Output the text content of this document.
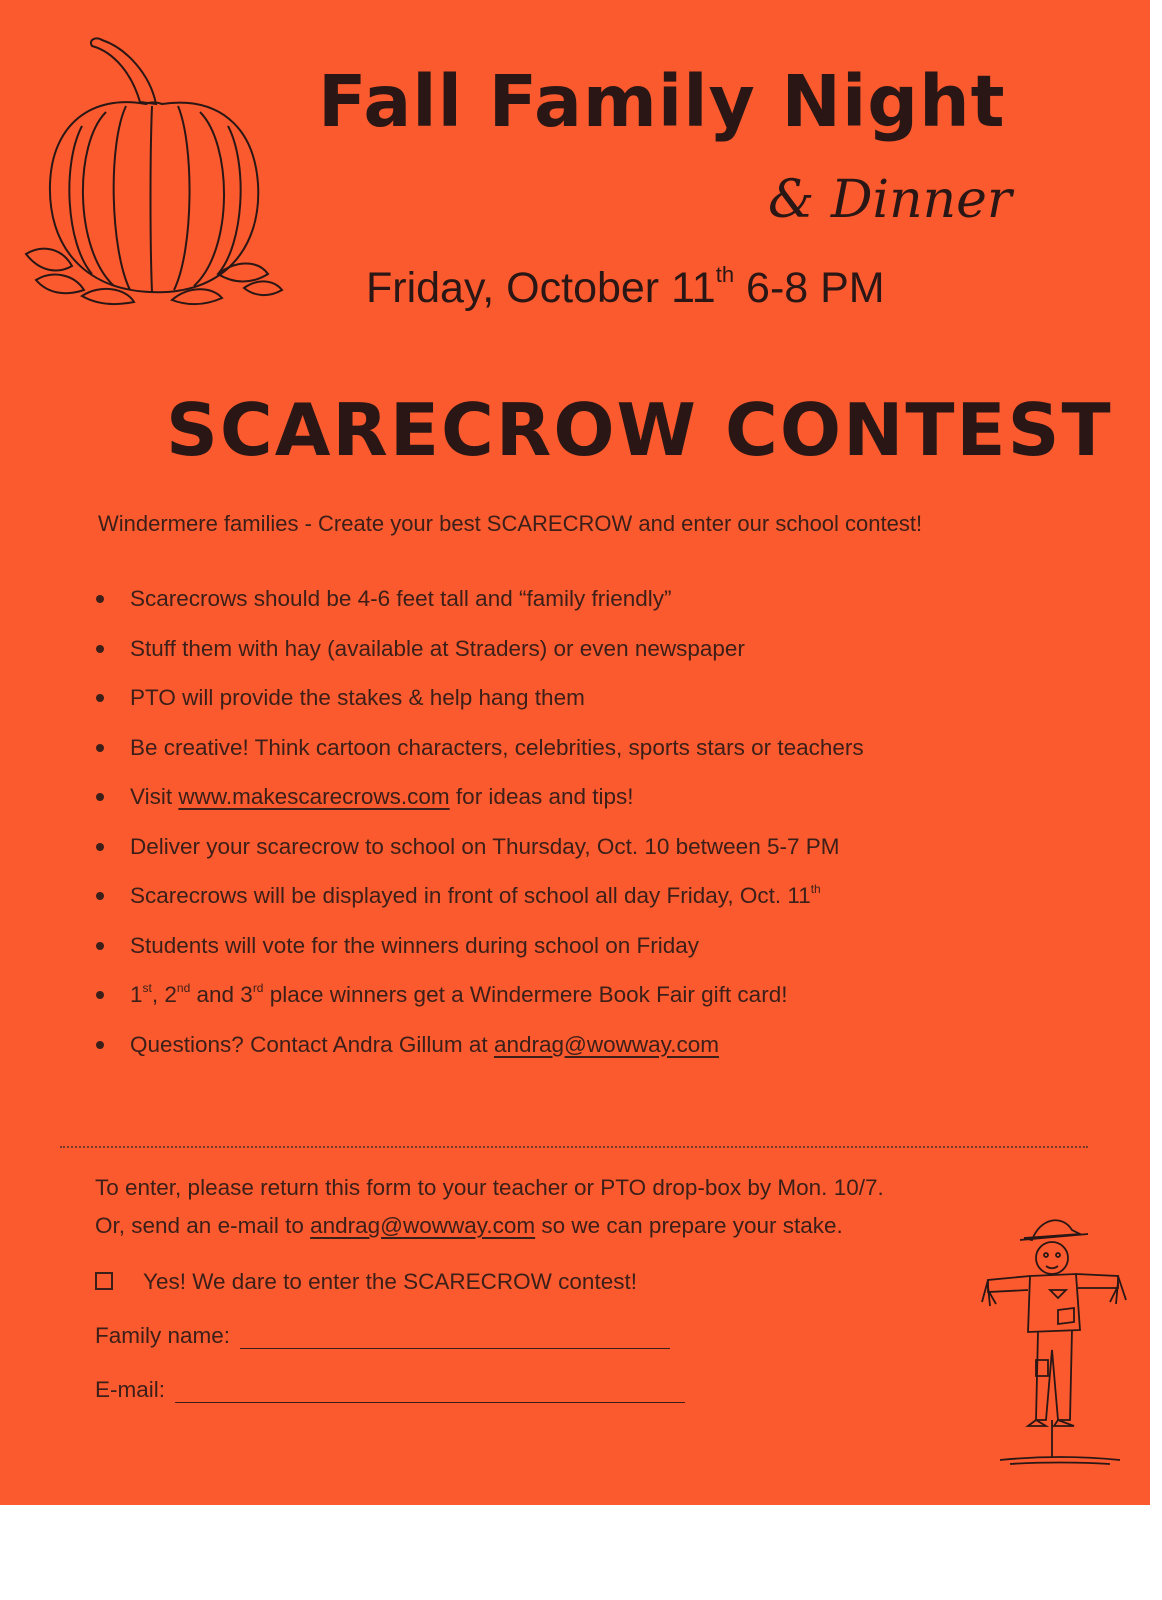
Fall Family Night
& Dinner
Friday, October 11th 6-8 PM
SCARECROW CONTEST
Windermere families - Create your best SCARECROW and enter our school contest!
Scarecrows should be 4-6 feet tall and “family friendly”
Stuff them with hay (available at Straders) or even newspaper
PTO will provide the stakes & help hang them
Be creative! Think cartoon characters, celebrities, sports stars or teachers
Visit www.makescarecrows.com for ideas and tips!
Deliver your scarecrow to school on Thursday, Oct. 10 between 5-7 PM
Scarecrows will be displayed in front of school all day Friday, Oct. 11th
Students will vote for the winners during school on Friday
1st, 2nd and 3rd place winners get a Windermere Book Fair gift card!
Questions? Contact Andra Gillum at andrag@wowway.com
To enter, please return this form to your teacher or PTO drop-box by Mon. 10/7.
Or, send an e-mail to andrag@wowway.com so we can prepare your stake.
Yes! We dare to enter the SCARECROW contest!
Family name:
E-mail:
